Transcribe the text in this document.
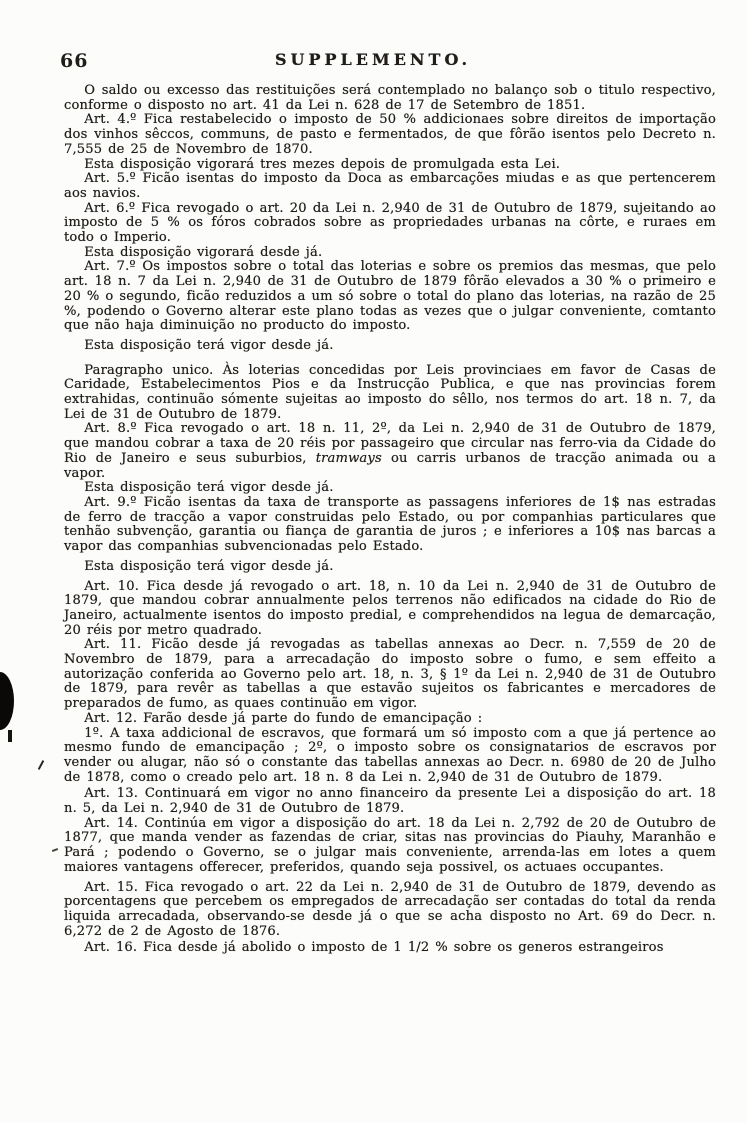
66	SUPPLEMENTO.

O saldo ou excesso das restituições será contemplado no balanço sob o titulo respectivo, conforme o disposto no art. 41 da Lei n. 628 de 17 de Setembro de 1851.

Art. 4.º Fica restabelecido o imposto de 50 % addicionaes sobre direitos de importação dos vinhos sêccos, communs, de pasto e fermentados, de que fôrão isentos pelo Decreto n. 7,555 de 25 de Novembro de 1870.

Esta disposição vigorará tres mezes depois de promulgada esta Lei.

Art. 5.º Ficão isentas do imposto da Doca as embarcações miudas e as que pertencerem aos navios.

Art. 6.º Fica revogado o art. 20 da Lei n. 2,940 de 31 de Outubro de 1879, sujeitando ao imposto de 5 % os fóros cobrados sobre as propriedades urbanas na côrte, e ruraes em todo o Imperio.

Esta disposição vigorará desde já.

Art. 7.º Os impostos sobre o total das loterias e sobre os premios das mesmas, que pelo art. 18 n. 7 da Lei n. 2,940 de 31 de Outubro de 1879 fôrão elevados a 30 % o primeiro e 20 % o segundo, ficão reduzidos a um só sobre o total do plano das loterias, na razão de 25 %, podendo o Governo alterar este plano todas as vezes que o julgar conveniente, comtanto que não haja diminuição no producto do imposto.

Esta disposição terá vigor desde já.

Paragrapho unico. Às loterias concedidas por Leis provinciaes em favor de Casas de Caridade, Estabelecimentos Pios e da Instrucção Publica, e que nas provincias forem extrahidas, continuão sómente sujeitas ao imposto do sêllo, nos termos do art. 18 n. 7, da Lei de 31 de Outubro de 1879.

Art. 8.º Fica revogado o art. 18 n. 11, 2º, da Lei n. 2,940 de 31 de Outubro de 1879, que mandou cobrar a taxa de 20 réis por passageiro que circular nas ferro-via da Cidade do Rio de Janeiro e seus suburbios, tramways ou carris urbanos de tracção animada ou a vapor.

Esta disposição terá vigor desde já.

Art. 9.º Ficão isentas da taxa de transporte as passagens inferiores de 1$ nas estradas de ferro de tracção a vapor construidas pelo Estado, ou por companhias particulares que tenhão subvenção, garantia ou fiança de garantia de juros ; e inferiores a 10$ nas barcas a vapor das companhias subvencionadas pelo Estado.

Esta disposição terá vigor desde já.

Art. 10. Fica desde já revogado o art. 18, n. 10 da Lei n. 2,940 de 31 de Outubro de 1879, que mandou cobrar annualmente pelos terrenos não edificados na cidade do Rio de Janeiro, actualmente isentos do imposto predial, e comprehendidos na legua de demarcação, 20 réis por metro quadrado.

Art. 11. Ficão desde já revogadas as tabellas annexas ao Decr. n. 7,559 de 20 de Novembro de 1879, para a arrecadação do imposto sobre o fumo, e sem effeito a autorização conferida ao Governo pelo art. 18, n. 3, § 1º da Lei n. 2,940 de 31 de Outubro de 1879, para revêr as tabellas a que estavão sujeitos os fabricantes e mercadores de preparados de fumo, as quaes continuão em vigor.

Art. 12. Farão desde já parte do fundo de emancipação :

1º. A taxa addicional de escravos, que formará um só imposto com a que já pertence ao mesmo fundo de emancipação ; 2º, o imposto sobre os consignatarios de escravos por vender ou alugar, não só o constante das tabellas annexas ao Decr. n. 6980 de 20 de Julho de 1878, como o creado pelo art. 18 n. 8 da Lei n. 2,940 de 31 de Outubro de 1879.

Art. 13. Continuará em vigor no anno financeiro da presente Lei a disposição do art. 18 n. 5, da Lei n. 2,940 de 31 de Outubro de 1879.

Art. 14. Continúa em vigor a disposição do art. 18 da Lei n. 2,792 de 20 de Outubro de 1877, que manda vender as fazendas de criar, sitas nas provincias do Piauhy, Maranhão e Pará ; podendo o Governo, se o julgar mais conveniente, arrenda-las em lotes a quem maiores vantagens offerecer, preferidos, quando seja possivel, os actuaes occupantes.

Art. 15. Fica revogado o art. 22 da Lei n. 2,940 de 31 de Outubro de 1879, devendo as porcentagens que percebem os empregados de arrecadação ser contadas do total da renda liquida arrecadada, observando-se desde já o que se acha disposto no Art. 69 do Decr. n. 6,272 de 2 de Agosto de 1876.

Art. 16. Fica desde já abolido o imposto de 1 1/2 % sobre os generos estrangeiros
